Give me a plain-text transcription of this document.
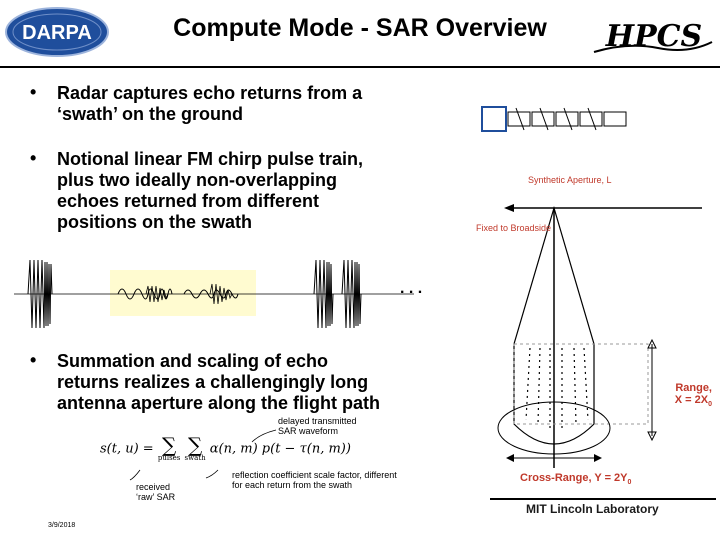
DARPA	Compute Mode - SAR Overview	HPCS
• Radar captures echo returns from a
‘swath’ on the ground
• Notional linear FM chirp pulse train,
plus two ideally non-overlapping
echoes returned from different
positions on the swath
Synthetic Aperture, L
Fixed to Broadside
Range,
$X = 2X_0$
Cross-Range, $Y = 2Y_0$
. . .
• Summation and scaling of echo
returns realizes a challengingly long
antenna aperture along the flight path
delayed transmitted
SAR waveform
s(t, u) = ∑
pulses

∑
swath
α(n, m) p(t − τ(n, m))
reflection coefficient scale factor, different
for each return from the swath
received
‘raw’ SAR
MIT Lincoln Laboratory
3/9/2018
